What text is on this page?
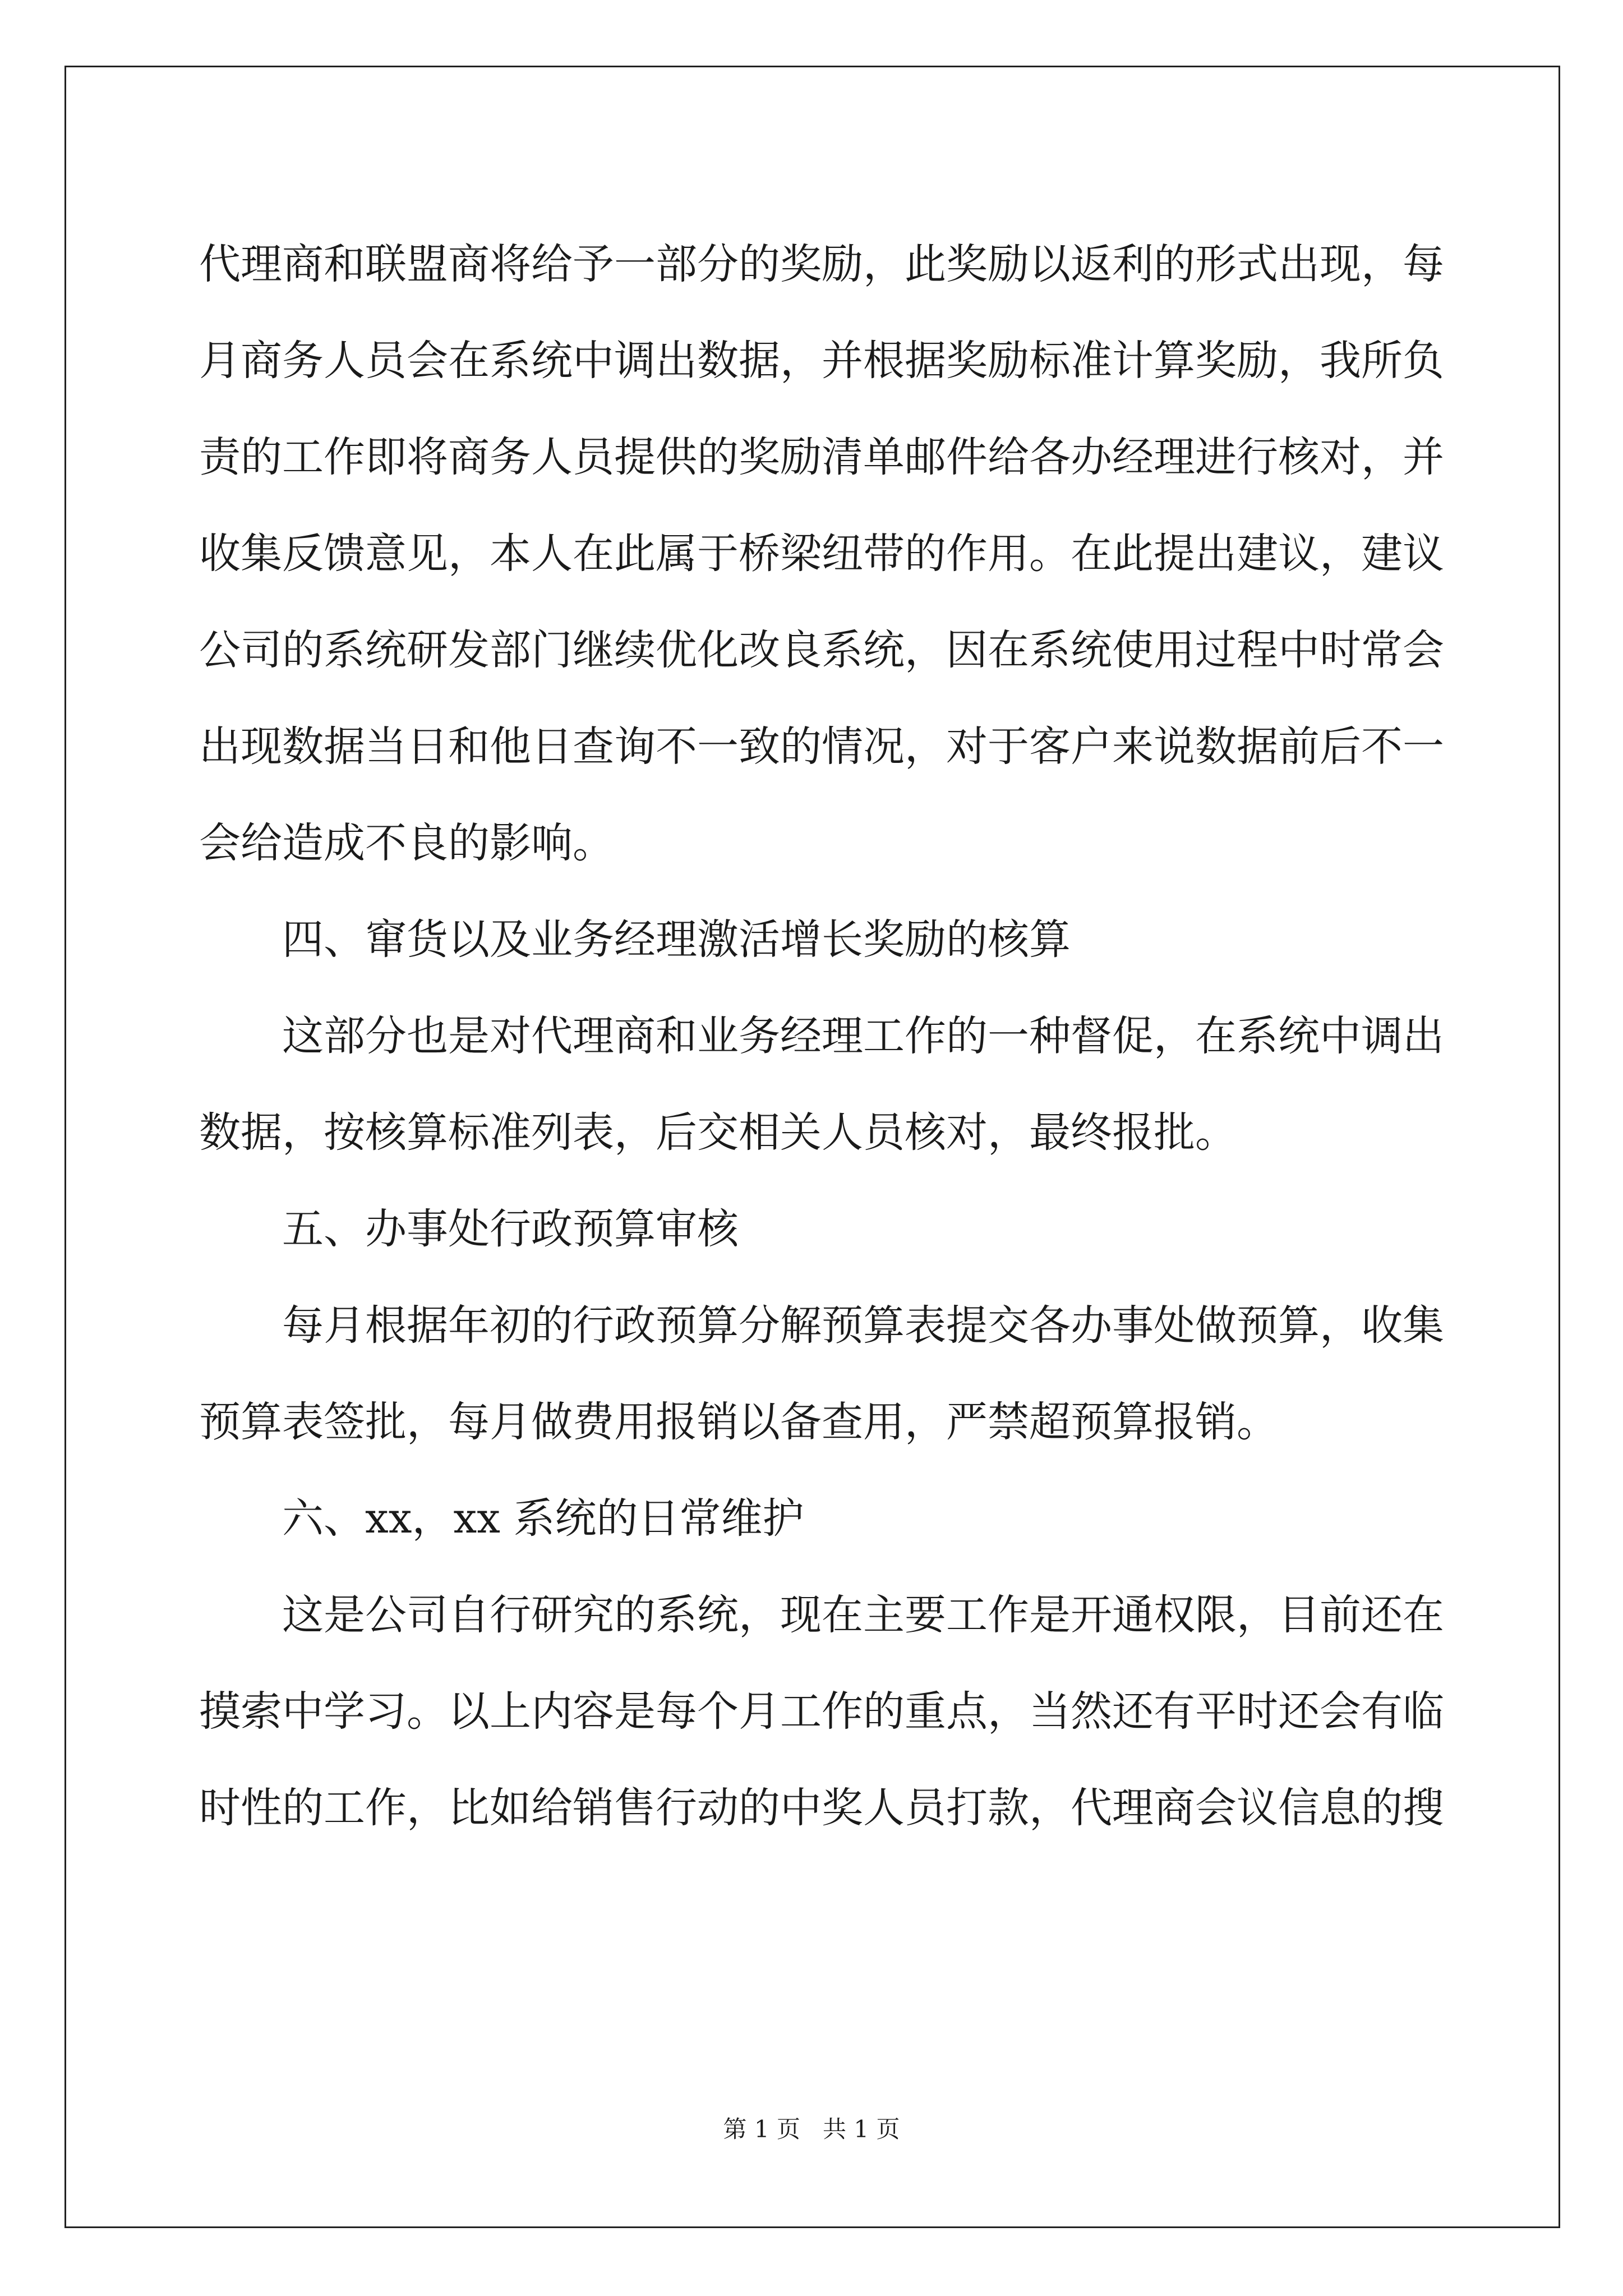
代理商和联盟商将给予一部分的奖励，此奖励以返利的形式出现，每
月商务人员会在系统中调出数据，并根据奖励标准计算奖励，我所负
责的工作即将商务人员提供的奖励清单邮件给各办经理进行核对，并
收集反馈意见，本人在此属于桥梁纽带的作用。在此提出建议，建议
公司的系统研发部门继续优化改良系统，因在系统使用过程中时常会
出现数据当日和他日查询不一致的情况，对于客户来说数据前后不一
会给造成不良的影响。
四、窜货以及业务经理激活增长奖励的核算
这部分也是对代理商和业务经理工作的一种督促，在系统中调出
数据，按核算标准列表，后交相关人员核对，最终报批。
五、办事处行政预算审核
每月根据年初的行政预算分解预算表提交各办事处做预算，收集
预算表签批，每月做费用报销以备查用，严禁超预算报销。
六、xx，xx 系统的日常维护
这是公司自行研究的系统，现在主要工作是开通权限，目前还在
摸索中学习。以上内容是每个月工作的重点，当然还有平时还会有临
时性的工作，比如给销售行动的中奖人员打款，代理商会议信息的搜
第 1 页   共 1 页
